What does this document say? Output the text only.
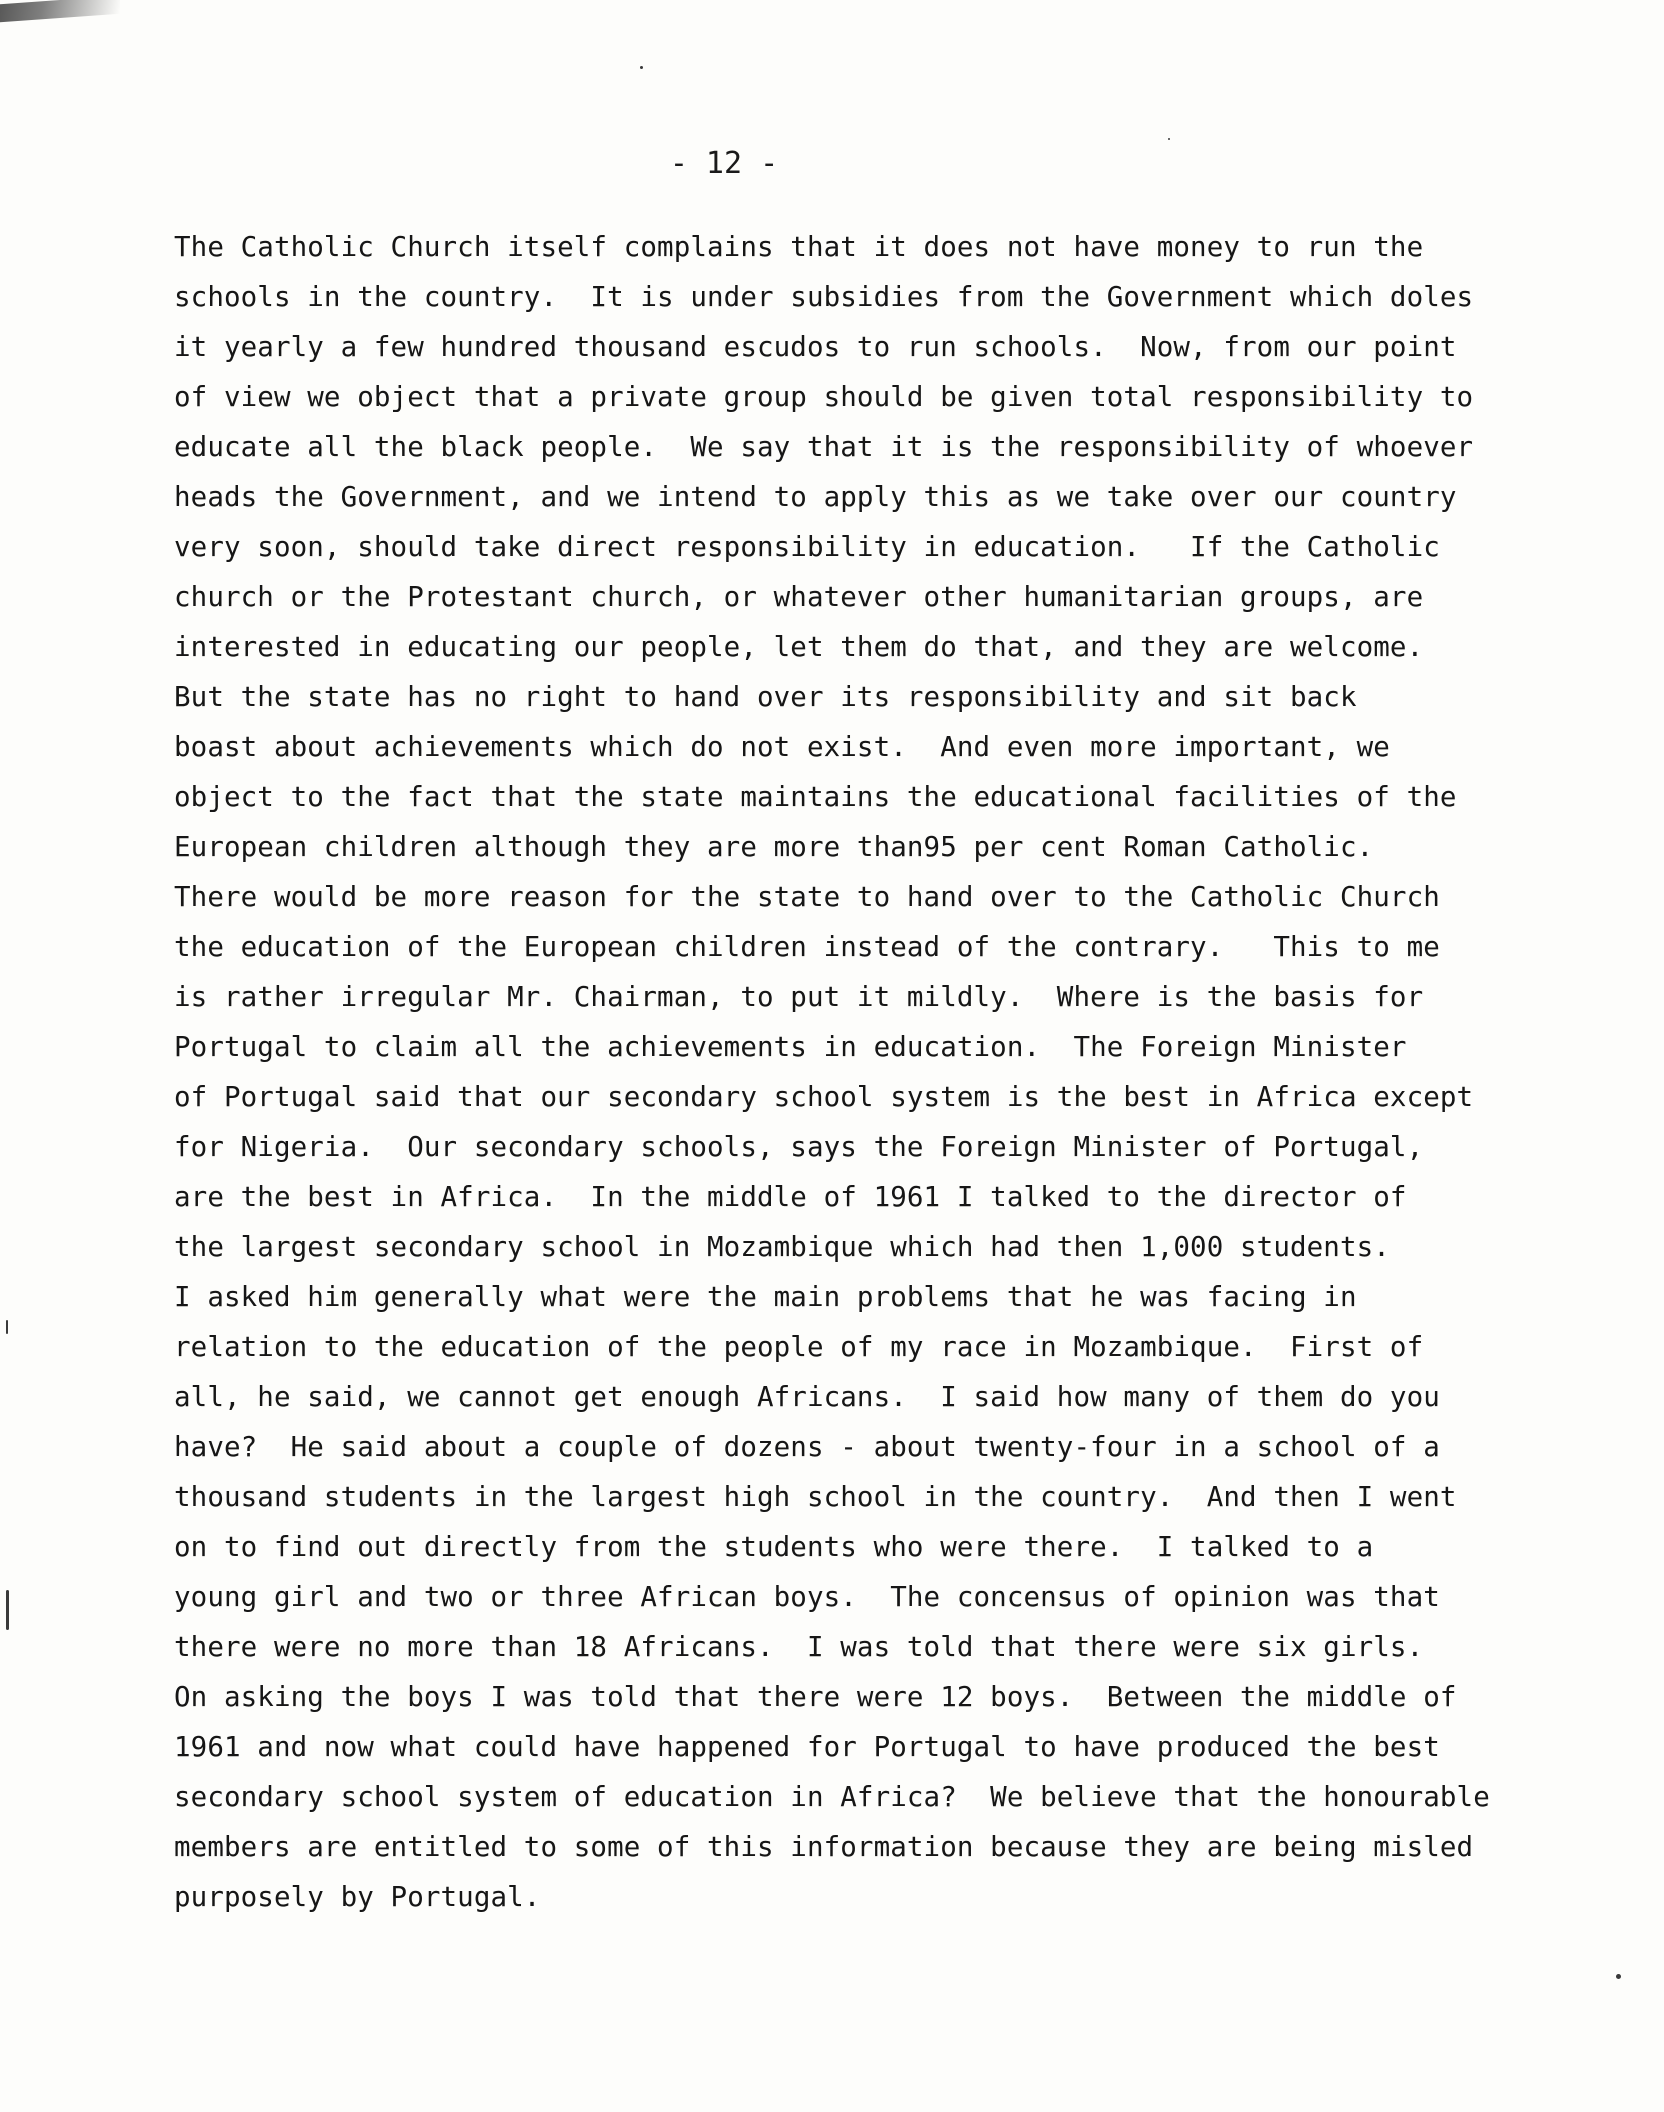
- 12 -
The Catholic Church itself complains that it does not have money to run the
schools in the country.  It is under subsidies from the Government which doles
it yearly a few hundred thousand escudos to run schools.  Now, from our point
of view we object that a private group should be given total responsibility to
educate all the black people.  We say that it is the responsibility of whoever
heads the Government, and we intend to apply this as we take over our country
very soon, should take direct responsibility in education.   If the Catholic
church or the Protestant church, or whatever other humanitarian groups, are
interested in educating our people, let them do that, and they are welcome.
But the state has no right to hand over its responsibility and sit back
boast about achievements which do not exist.  And even more important, we
object to the fact that the state maintains the educational facilities of the
European children although they are more than95 per cent Roman Catholic.
There would be more reason for the state to hand over to the Catholic Church
the education of the European children instead of the contrary.   This to me
is rather irregular Mr. Chairman, to put it mildly.  Where is the basis for
Portugal to claim all the achievements in education.  The Foreign Minister
of Portugal said that our secondary school system is the best in Africa except
for Nigeria.  Our secondary schools, says the Foreign Minister of Portugal,
are the best in Africa.  In the middle of 1961 I talked to the director of
the largest secondary school in Mozambique which had then 1,000 students.
I asked him generally what were the main problems that he was facing in
relation to the education of the people of my race in Mozambique.  First of
all, he said, we cannot get enough Africans.  I said how many of them do you
have?  He said about a couple of dozens - about twenty-four in a school of a
thousand students in the largest high school in the country.  And then I went
on to find out directly from the students who were there.  I talked to a
young girl and two or three African boys.  The concensus of opinion was that
there were no more than 18 Africans.  I was told that there were six girls.
On asking the boys I was told that there were 12 boys.  Between the middle of
1961 and now what could have happened for Portugal to have produced the best
secondary school system of education in Africa?  We believe that the honourable
members are entitled to some of this information because they are being misled
purposely by Portugal.
